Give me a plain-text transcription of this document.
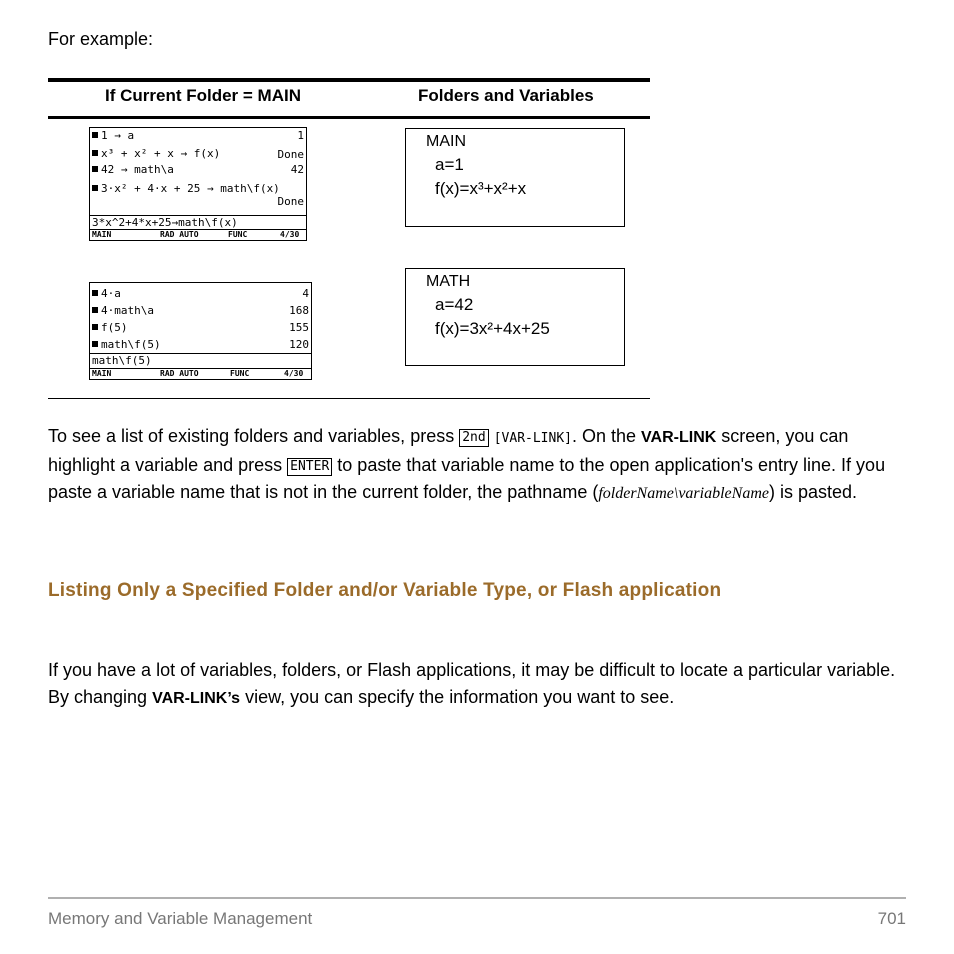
For example:
If Current Folder = MAIN	Folders and Variables
1 → a	1
x³ + x² + x → f(x)	Done
42 → math\a	42
3·x² + 4·x + 25 → math\f(x)
Done
3*x^2+4*x+25→math\f(x)
MAIN	RAD AUTO	FUNC	4/30
MAIN
a=1
f(x)=x³+x²+x
4·a	4
4·math\a	168
f(5)	155
math\f(5)	120
math\f(5)
MAIN	RAD AUTO	FUNC	4/30
MATH
a=42
f(x)=3x²+4x+25
To see a list of existing folders and variables, press 2nd [VAR-LINK]. On the VAR-LINK screen, you can highlight a variable and press ENTER to paste that variable name to the open application's entry line. If you paste a variable name that is not in the current folder, the pathname (folderName\variableName) is pasted.
Listing Only a Specified Folder and/or Variable Type, or Flash application
If you have a lot of variables, folders, or Flash applications, it may be difficult to locate a particular variable. By changing VAR-LINK’s view, you can specify the information you want to see.
Memory and Variable Management	701
